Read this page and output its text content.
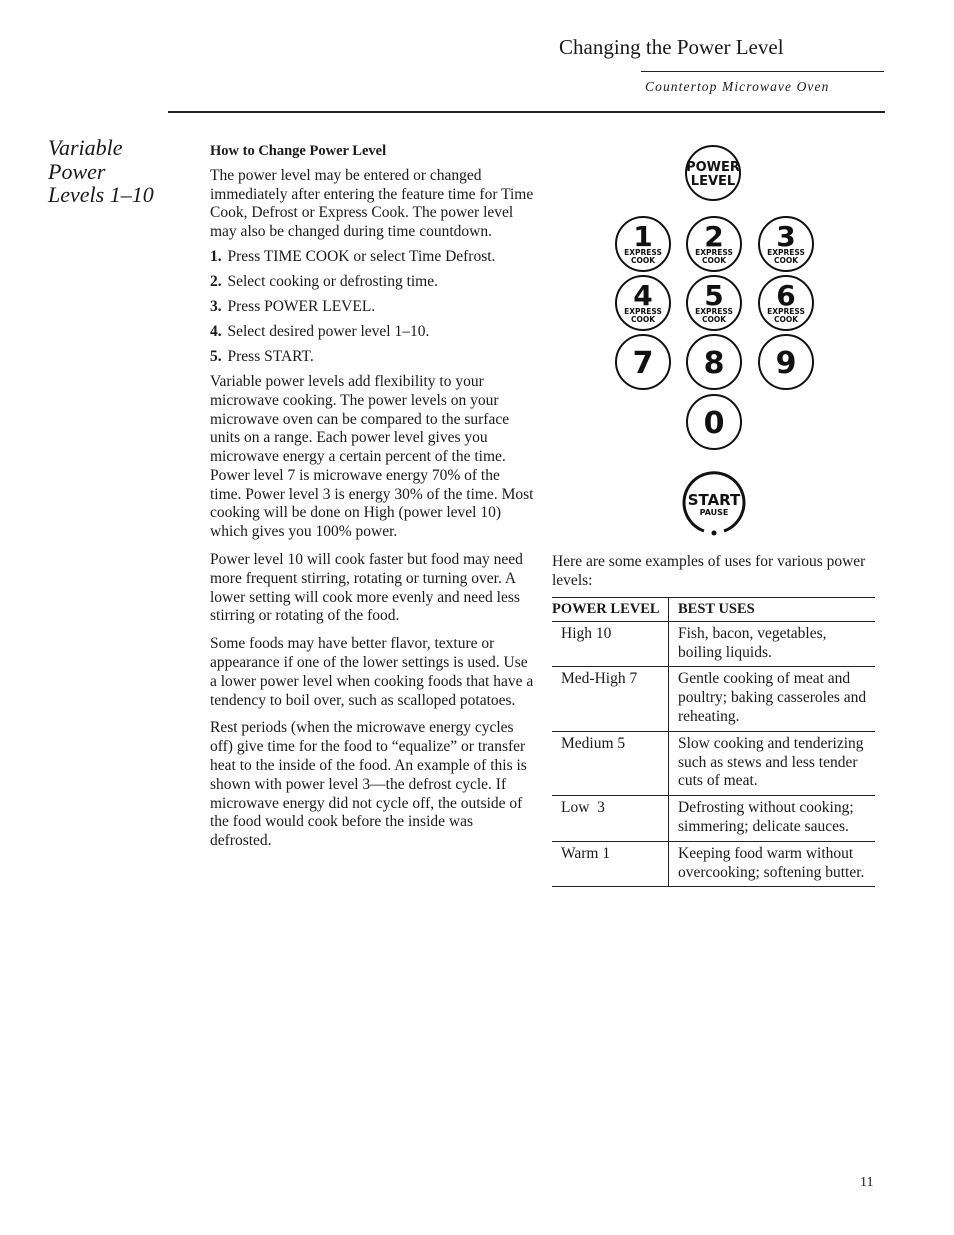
Changing the Power Level
Countertop Microwave Oven
Variable
Power
Levels 1–10
How to Change Power Level

The power level may be entered or changed immediately after entering the feature time for Time Cook, Defrost or Express Cook. The power level may also be changed during time countdown.

1. Press TIME COOK or select Time Defrost.
2. Select cooking or defrosting time.
3. Press POWER LEVEL.
4. Select desired power level 1–10.
5. Press START.

Variable power levels add flexibility to your microwave cooking. The power levels on your microwave oven can be compared to the surface units on a range. Each power level gives you microwave energy a certain percent of the time. Power level 7 is microwave energy 70% of the time. Power level 3 is energy 30% of the time. Most cooking will be done on High (power level 10) which gives you 100% power.

Power level 10 will cook faster but food may need more frequent stirring, rotating or turning over. A lower setting will cook more evenly and need less stirring or rotating of the food.

Some foods may have better flavor, texture or appearance if one of the lower settings is used. Use a lower power level when cooking foods that have a tendency to boil over, such as scalloped potatoes.

Rest periods (when the microwave energy cycles off) give time for the food to “equalize” or transfer heat to the inside of the food. An example of this is shown with power level 3—the defrost cycle. If microwave energy did not cycle off, the outside of the food would cook before the inside was defrosted.

POWER
LEVEL
1
EXPRESS
COOK
2
EXPRESS
COOK
3
EXPRESS
COOK
4
EXPRESS
COOK
5
EXPRESS
COOK
6
EXPRESS
COOK
7 8 9
0
START
PAUSE
Here are some examples of uses for various power levels:
POWER LEVEL	BEST USES
High 10	Fish, bacon, vegetables, boiling liquids.
Med-High 7	Gentle cooking of meat and poultry; baking casseroles and reheating.
Medium 5	Slow cooking and tenderizing such as stews and less tender cuts of meat.
Low  3	Defrosting without cooking; simmering; delicate sauces.
Warm 1	Keeping food warm without overcooking; softening butter.
11
